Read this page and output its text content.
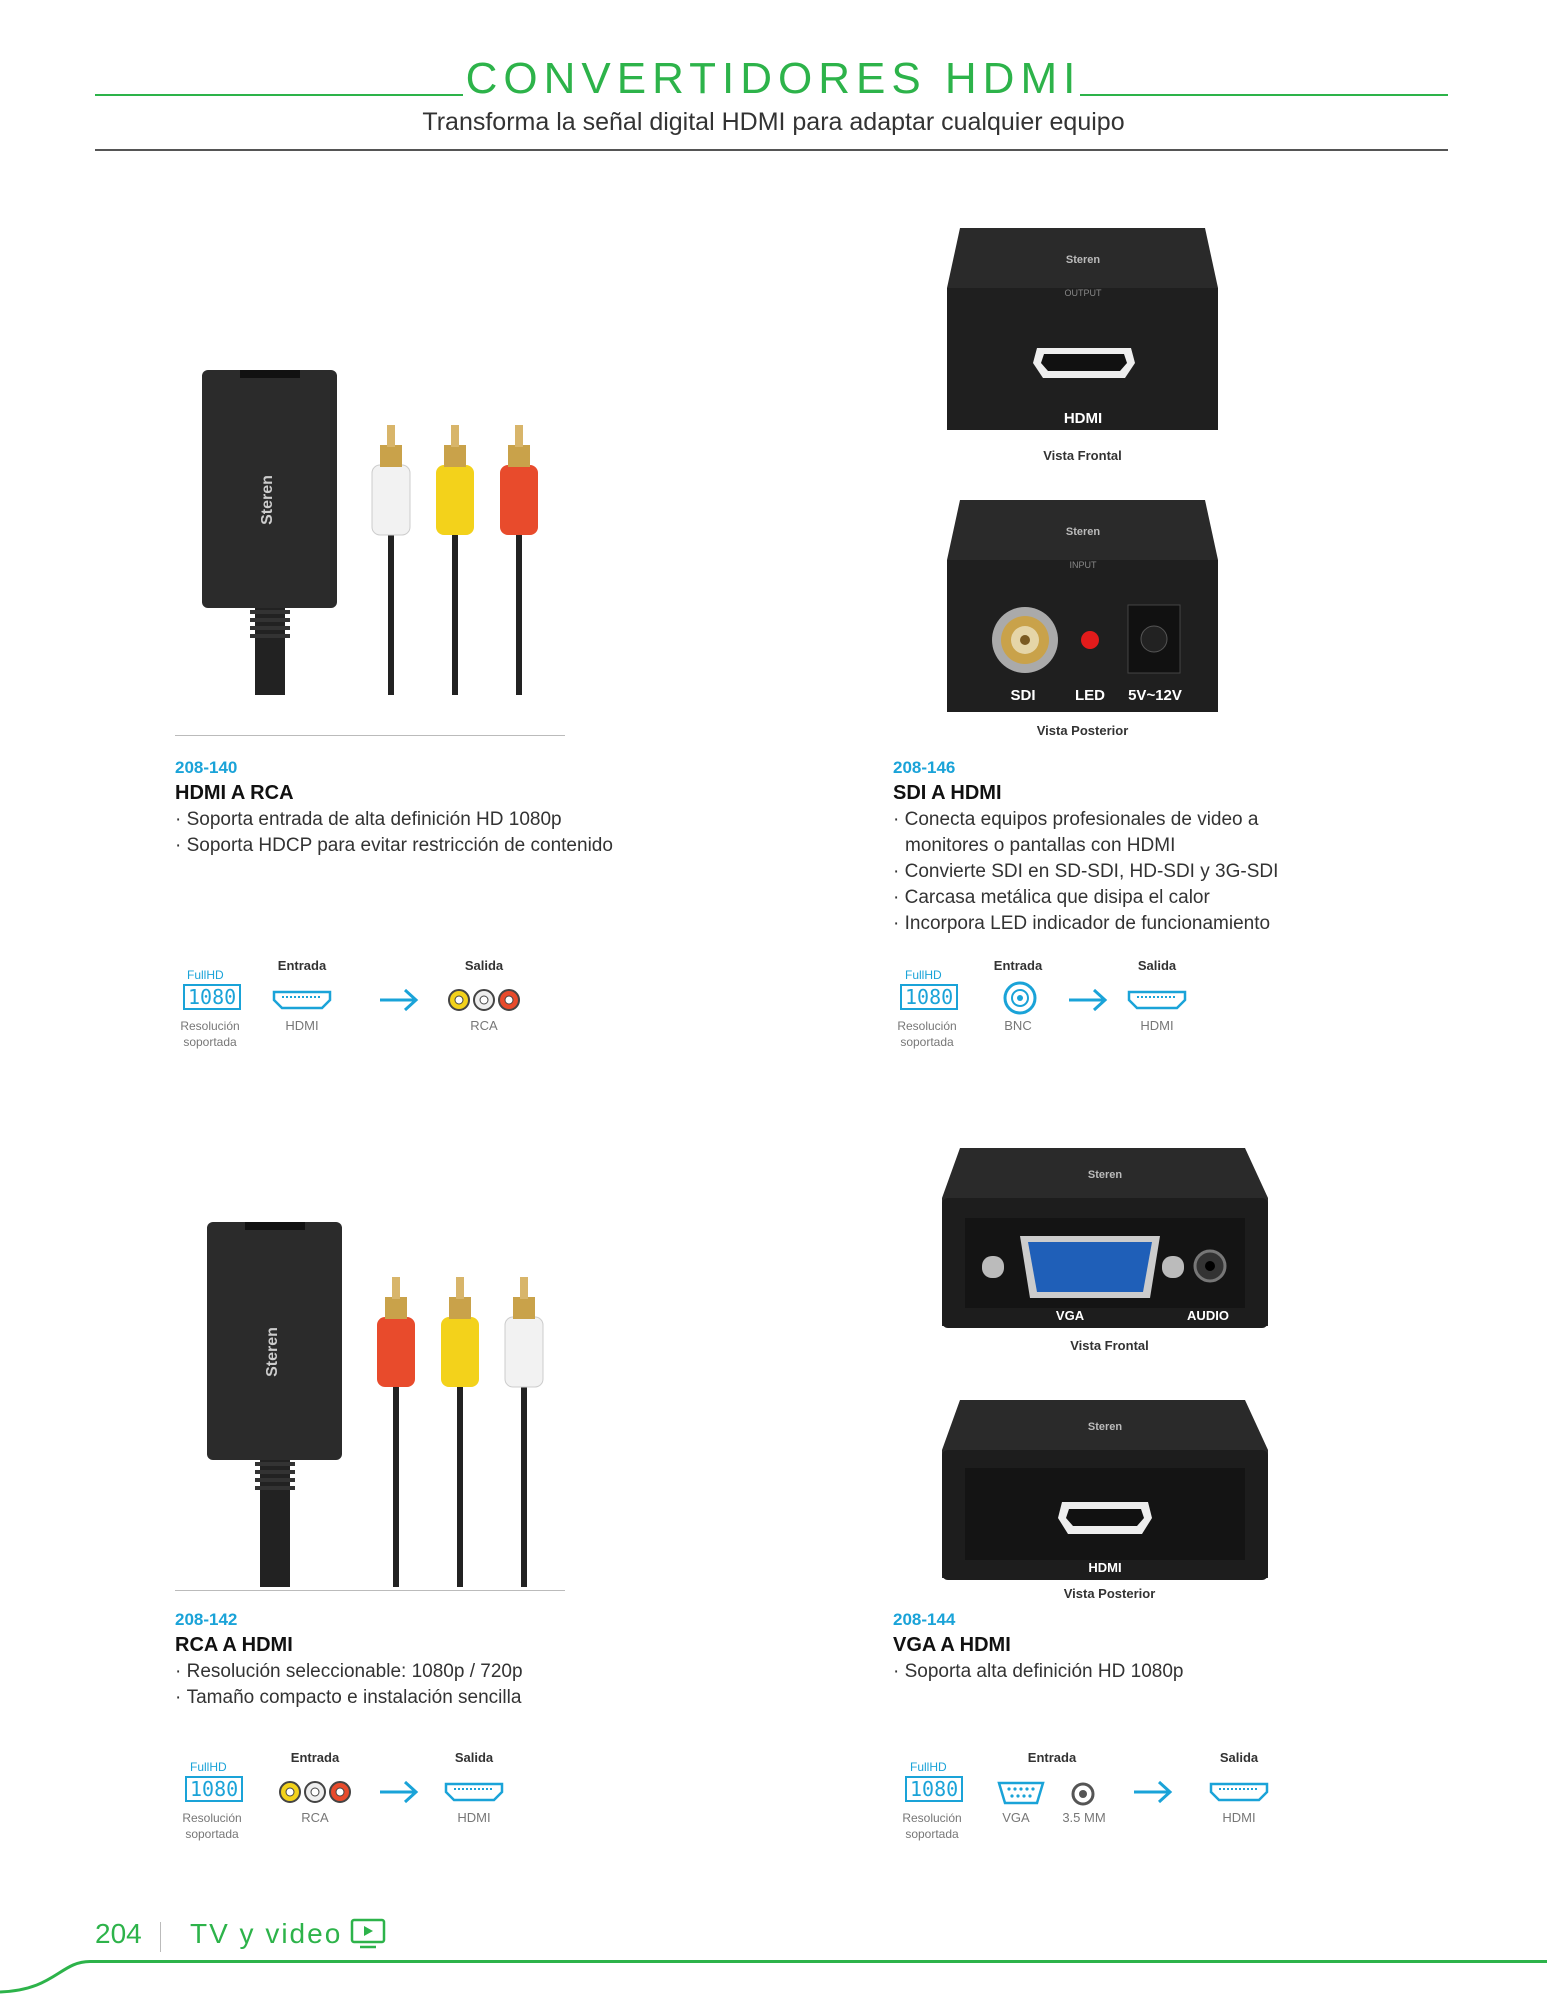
CONVERTIDORES HDMI
Transforma la señal digital HDMI para adaptar cualquier equipo
Steren
Steren
OUTPUT
HDMI
Vista Frontal
Steren
INPUT
SDI	LED 5V~12V
Vista Posterior
208-140
HDMI A RCA
· Soporta entrada de alta definición HD 1080p
· Soporta HDCP para evitar restricción de contenido
208-146
SDI A HDMI
· Conecta equipos profesionales de video a monitores o pantallas con HDMI
· Convierte SDI en SD-SDI, HD-SDI y 3G-SDI
· Carcasa metálica que disipa el calor
· Incorpora LED indicador de funcionamiento
FullHD
1080
Resolución soportada
Entrada
HDMI
Salida
RCA
FullHD
1080
Resolución soportada
Entrada
BNC
Salida
HDMI
Steren
Steren
VGA	AUDIO
Vista Frontal
Steren
HDMI
Vista Posterior
208-142
RCA A HDMI
· Resolución seleccionable: 1080p / 720p
· Tamaño compacto e instalación sencilla
208-144
VGA A HDMI
· Soporta alta definición HD 1080p
FullHD
1080
Resolución soportada
Entrada
RCA
Salida
HDMI
FullHD
1080
Resolución soportada
Entrada
VGA	3.5 MM
Salida
HDMI
204 TV y video
